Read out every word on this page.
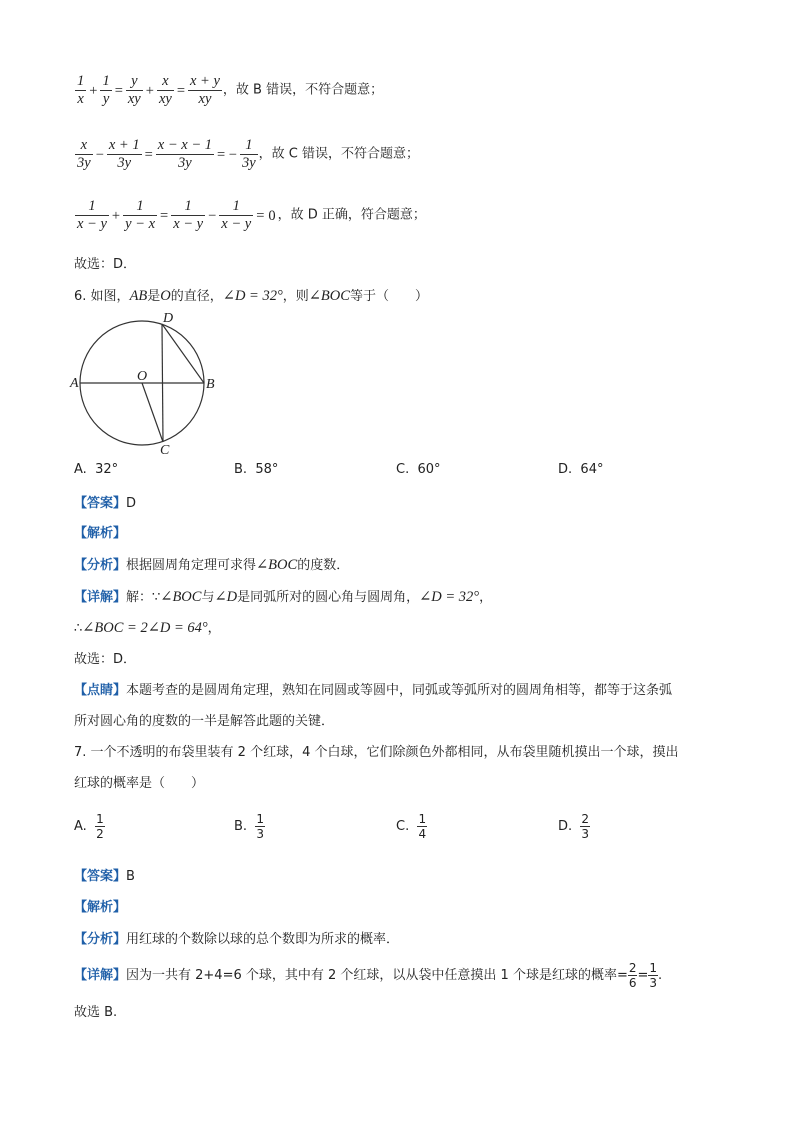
$\frac{1}{x} + \frac{1}{y} = \frac{y}{xy} + \frac{x}{xy} = \frac{x + y}{xy}$ ，故 B 错误，不符合题意；
$\frac{x}{3y} - \frac{x + 1}{3y} = \frac{x - x - 1}{3y}$ = − $\frac{1}{3y}$ ，故 C 错误，不符合题意；
$\frac{1}{x - y} + \frac{1}{y - x} = \frac{1}{x - y} - \frac{1}{x - y} = 0$ ，故 D 正确，符合题意；
故选：D．
6. 如图，AB是O的直径，∠D = 32°，则∠BOC等于（　　）
A	B
C
D
O
A. 32°	B. 58°	C. 60°	D. 64°
【答案】D
【解析】
【分析】根据圆周角定理可求得∠BOC的度数．
【详解】解：∵∠BOC与∠D是同弧所对的圆心角与圆周角，∠D = 32°，
∴∠BOC = 2∠D = 64°，
故选：D．
【点睛】本题考查的是圆周角定理，熟知在同圆或等圆中，同弧或等弧所对的圆周角相等，都等于这条弧
所对圆心角的度数的一半是解答此题的关键．
7. 一个不透明的布袋里装有 2 个红球，4 个白球，它们除颜色外都相同，从布袋里随机摸出一个球，摸出
红球的概率是（　　）
A. $\frac{1}{2}$	B. $\frac{1}{3}$	C. $\frac{1}{4}$	D. $\frac{2}{3}$
【答案】B
【解析】
【分析】用红球的个数除以球的总个数即为所求的概率．
【详解】因为一共有 2+4=6 个球，其中有 2 个红球，以从袋中任意摸出 1 个球是红球的概率= $\frac{2}{6} = \frac{1}{3}$ .
故选 B.
